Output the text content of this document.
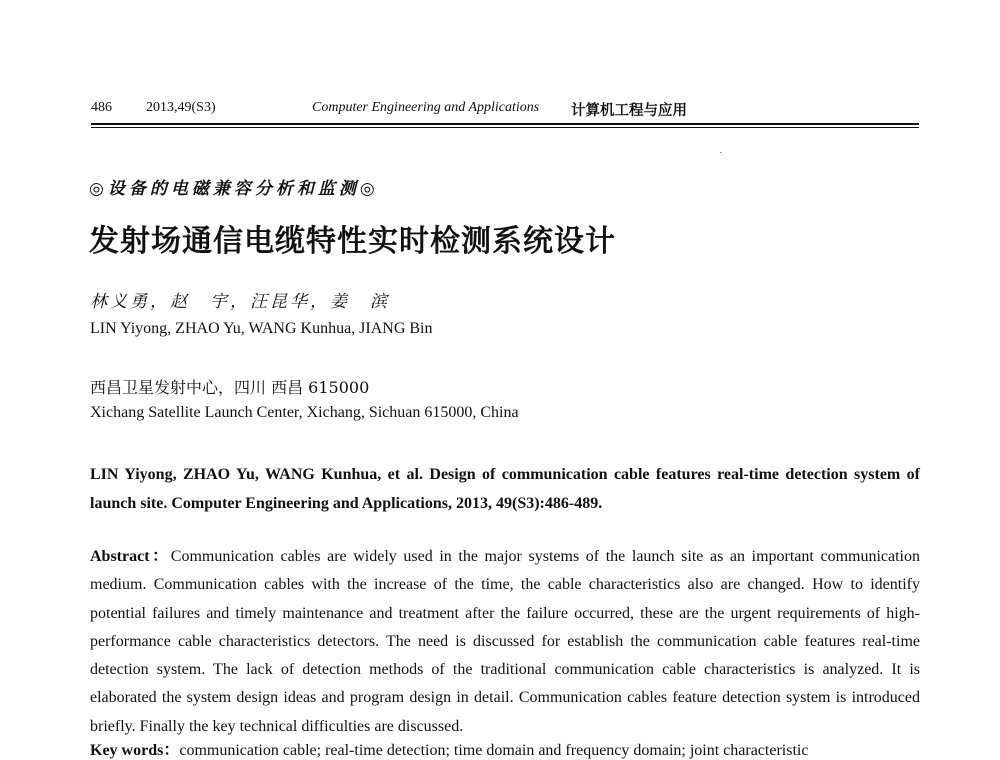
486 2013,49(S3)	Computer Engineering and Applications 计算机工程与应用
◎设备的电磁兼容分析和监测◎
发射场通信电缆特性实时检测系统设计
林义勇，赵　宇，汪昆华，姜　滨
LIN Yiyong, ZHAO Yu, WANG Kunhua, JIANG Bin
西昌卫星发射中心，四川 西昌 615000
Xichang Satellite Launch Center, Xichang, Sichuan 615000, China
LIN Yiyong, ZHAO Yu, WANG Kunhua, et al. Design of communication cable features real-time detection system of launch site. Computer Engineering and Applications, 2013, 49(S3):486-489.
Abstract：Communication cables are widely used in the major systems of the launch site as an important communication medium. Communication cables with the increase of the time, the cable characteristics also are changed. How to identify potential failures and timely maintenance and treatment after the failure occurred, these are the urgent requirements of high-performance cable characteristics detectors. The need is discussed for establish the communication cable features real-time detection system. The lack of detection methods of the traditional communication cable characteristics is analyzed. It is elaborated the system design ideas and program design in detail. Communication cables feature detection system is introduced briefly. Finally the key technical difficulties are discussed.
Key words：communication cable; real-time detection; time domain and frequency domain; joint characteristic
